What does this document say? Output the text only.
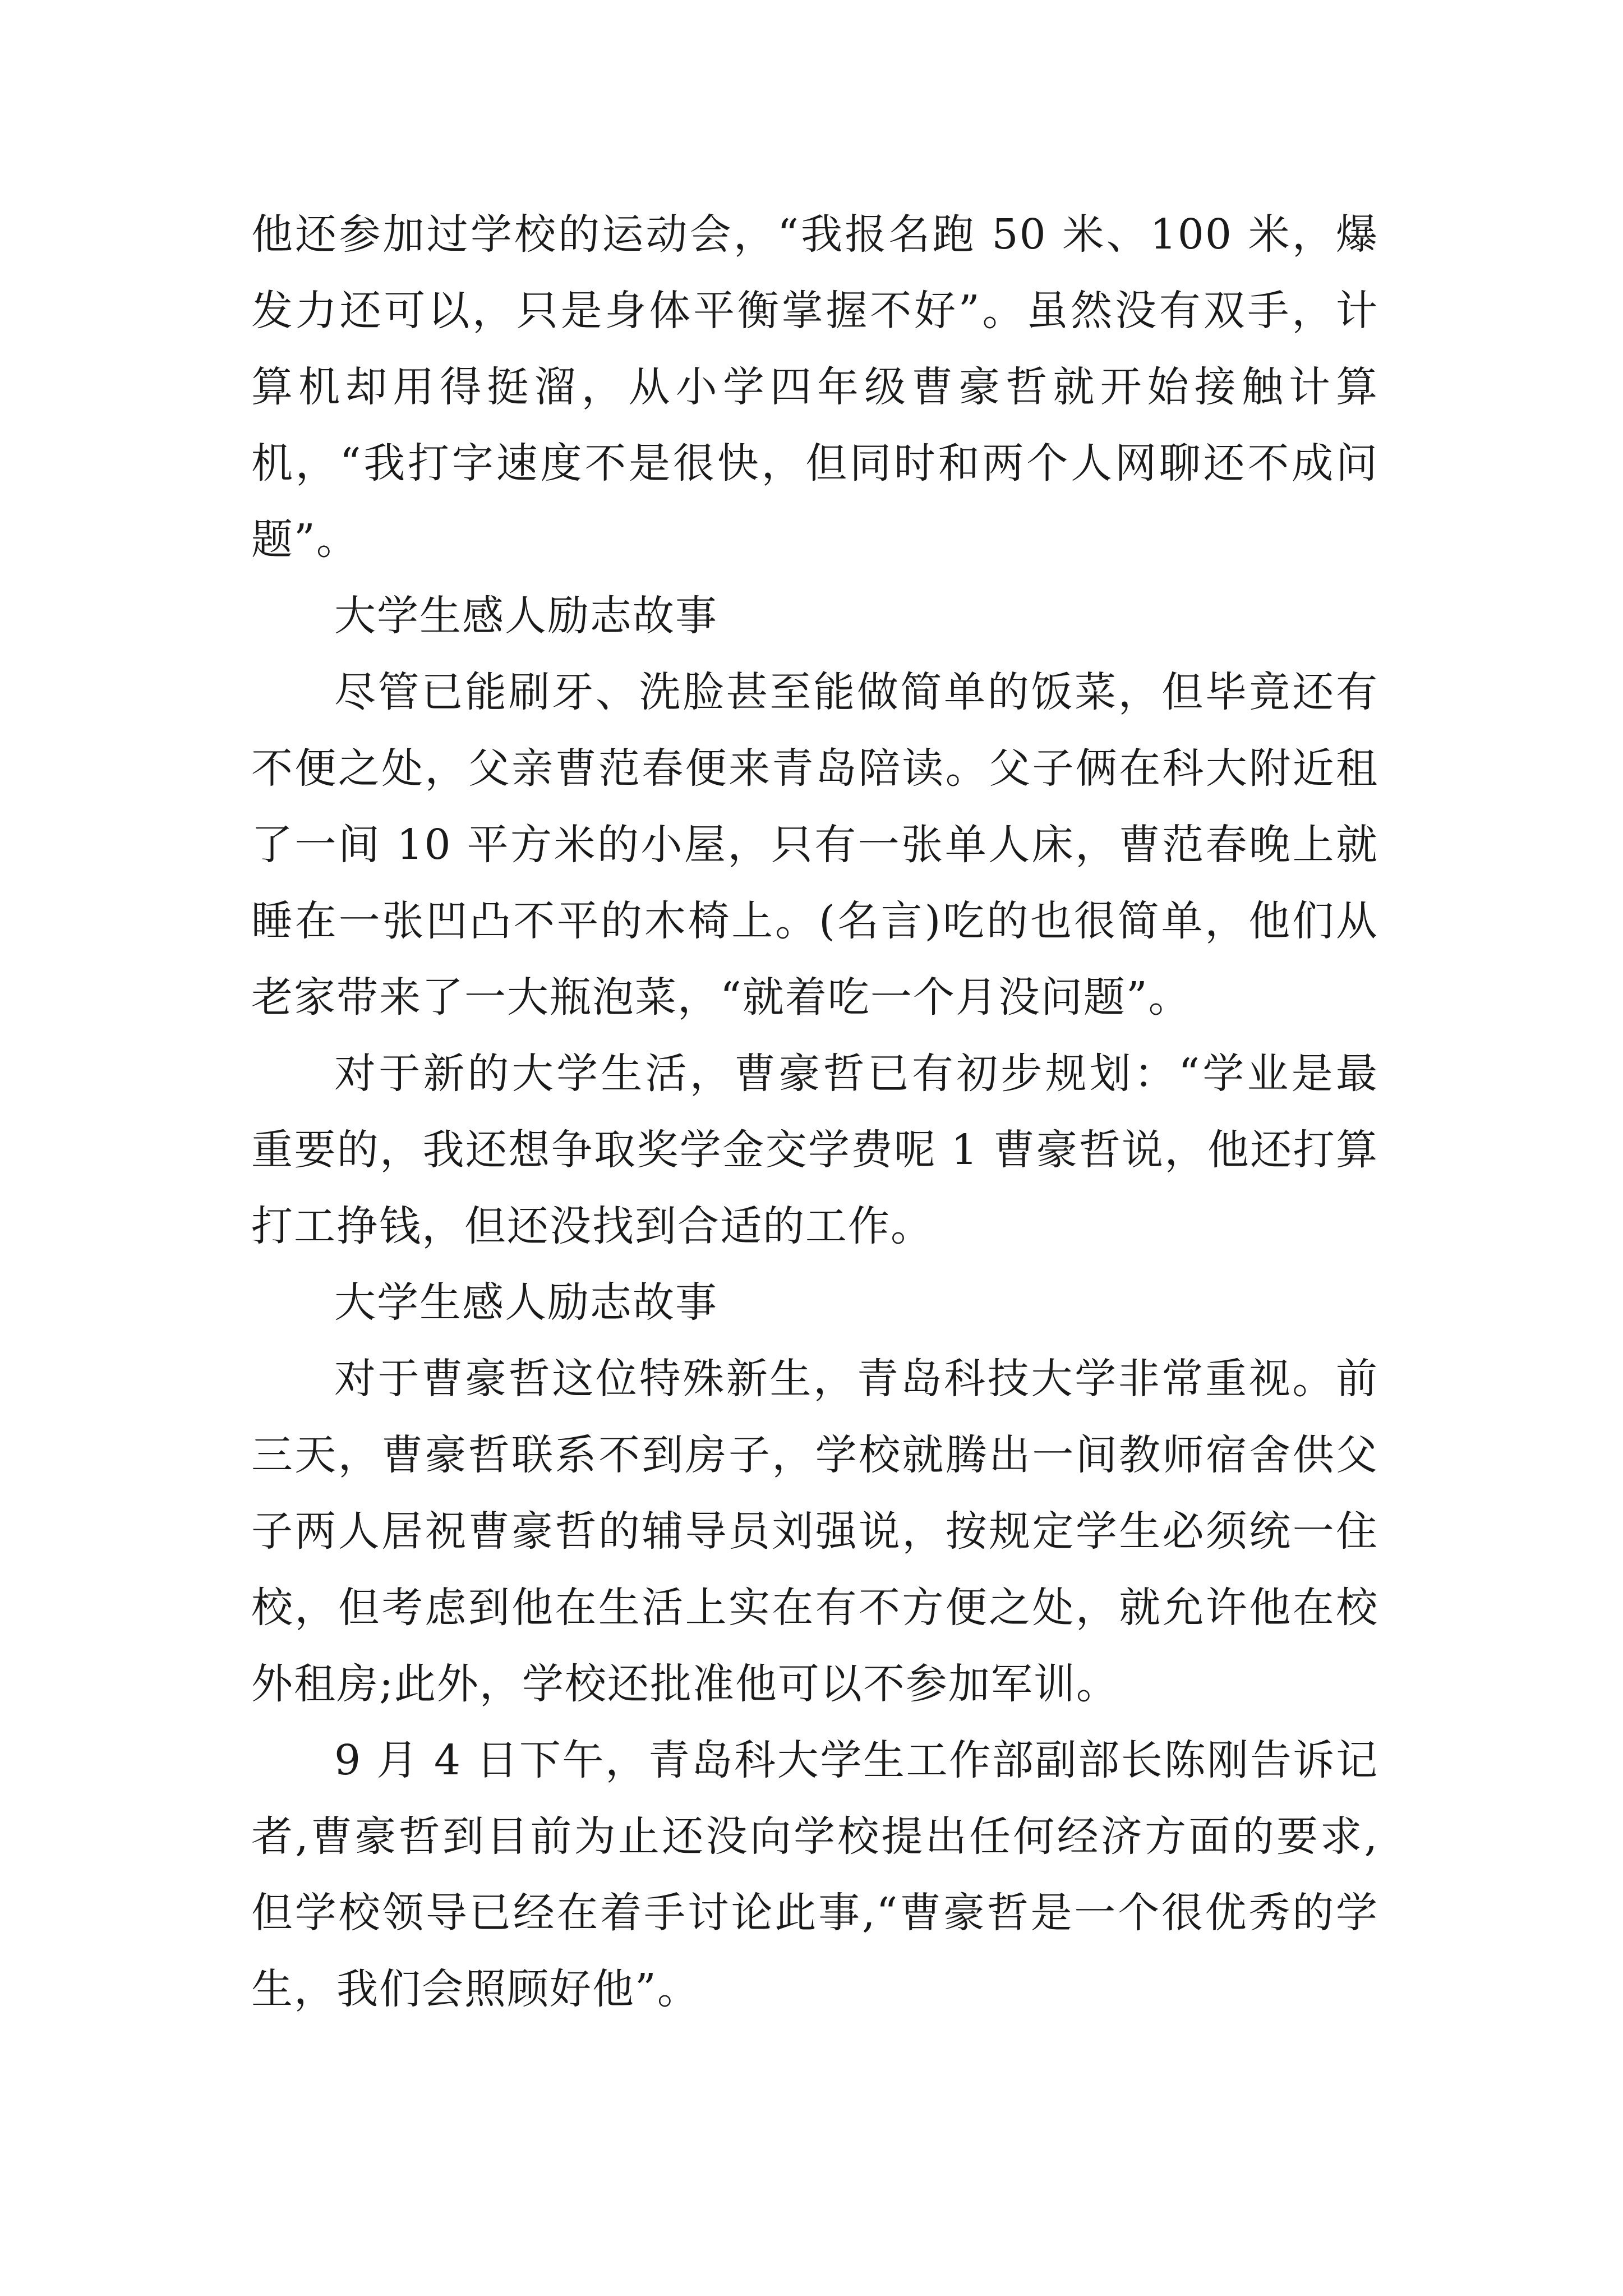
他还参加过学校的运动会，“我报名跑 50 米、100 米，爆发力还可以，只是身体平衡掌握不好”。虽然没有双手，计算机却用得挺溜，从小学四年级曹豪哲就开始接触计算机，“我打字速度不是很快，但同时和两个人网聊还不成问题”。

大学生感人励志故事

尽管已能刷牙、洗脸甚至能做简单的饭菜，但毕竟还有不便之处，父亲曹范春便来青岛陪读。父子俩在科大附近租了一间 10 平方米的小屋，只有一张单人床，曹范春晚上就睡在一张凹凸不平的木椅上。(名言)吃的也很简单，他们从老家带来了一大瓶泡菜，“就着吃一个月没问题”。

对于新的大学生活，曹豪哲已有初步规划：“学业是最重要的，我还想争取奖学金交学费呢 1 曹豪哲说，他还打算打工挣钱，但还没找到合适的工作。

大学生感人励志故事

对于曹豪哲这位特殊新生，青岛科技大学非常重视。前三天，曹豪哲联系不到房子，学校就腾出一间教师宿舍供父子两人居祝曹豪哲的辅导员刘强说，按规定学生必须统一住校，但考虑到他在生活上实在有不方便之处，就允许他在校外租房;此外，学校还批准他可以不参加军训。

9 月 4 日下午，青岛科大学生工作部副部长陈刚告诉记者,曹豪哲到目前为止还没向学校提出任何经济方面的要求,但学校领导已经在着手讨论此事,“曹豪哲是一个很优秀的学生，我们会照顾好他”。
